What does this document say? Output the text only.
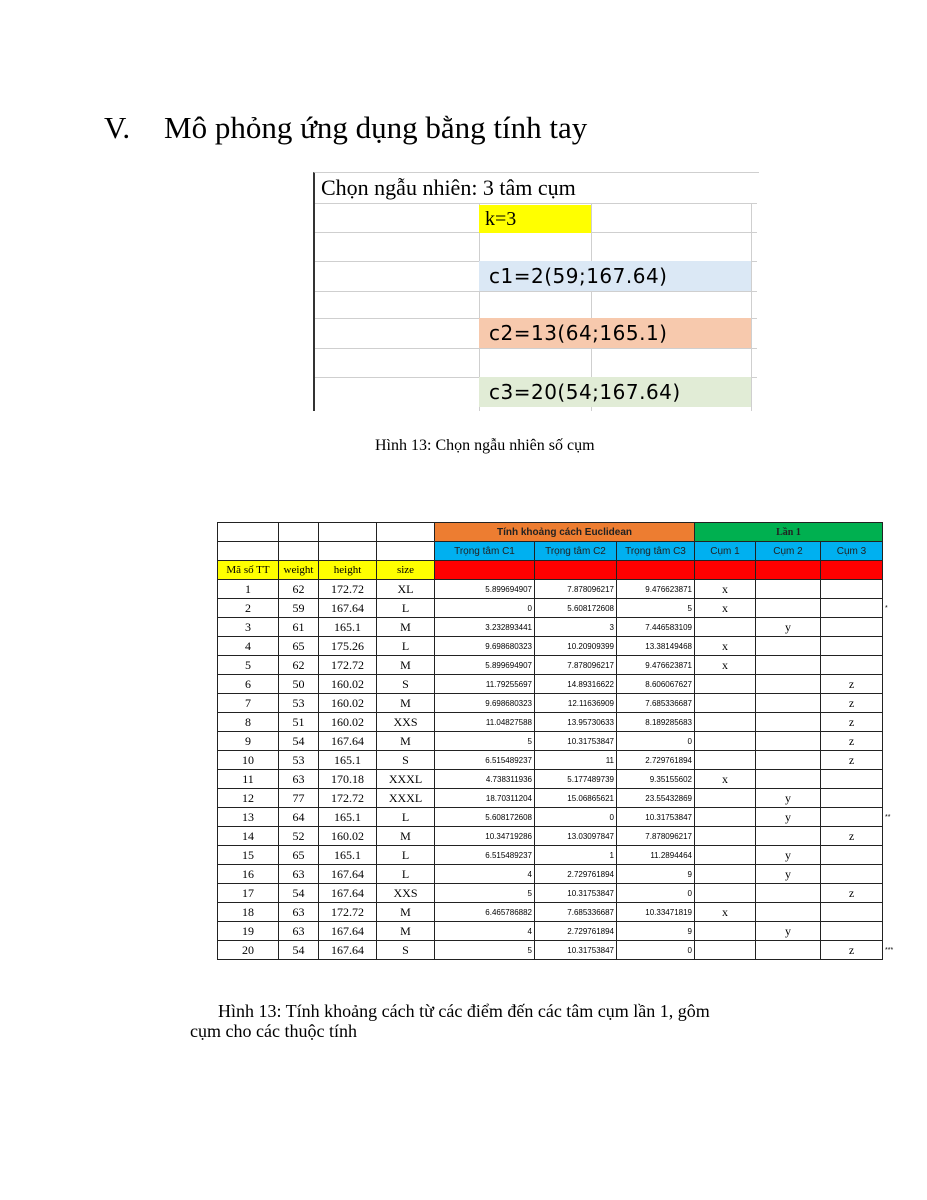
V. Mô phỏng ứng dụng bằng tính tay
Chọn ngẫu nhiên: 3 tâm cụm
k=3
c1=2(59;167.64)
c2=13(64;165.1)
c3=20(54;167.64)
Hình 13: Chọn ngẫu nhiên số cụm
				Tính khoảng cách Euclidean			Lần 1			
				Trọng tâm C1	Trọng tâm C2	Trọng tâm C3	Cụm 1	Cụm 2	Cụm 3	
Mã số TT	weight	height	size							
1	62	172.72	XL	5.899694907	7.878096217	9.476623871	x			
2	59	167.64	L	0	5.608172608	5	x			*
3	61	165.1	M	3.232893441	3	7.446583109		y		
4	65	175.26	L	9.698680323	10.20909399	13.38149468	x			
5	62	172.72	M	5.899694907	7.878096217	9.476623871	x			
6	50	160.02	S	11.79255697	14.89316622	8.606067627			z	
7	53	160.02	M	9.698680323	12.11636909	7.685336687			z	
8	51	160.02	XXS	11.04827588	13.95730633	8.189285683			z	
9	54	167.64	M	5	10.31753847	0			z	
10	53	165.1	S	6.515489237	11	2.729761894			z	
11	63	170.18	XXXL	4.738311936	5.177489739	9.35155602	x			
12	77	172.72	XXXL	18.70311204	15.06865621	23.55432869		y		
13	64	165.1	L	5.608172608	0	10.31753847		y		**
14	52	160.02	M	10.34719286	13.03097847	7.878096217			z	
15	65	165.1	L	6.515489237	1	11.2894464		y		
16	63	167.64	L	4	2.729761894	9		y		
17	54	167.64	XXS	5	10.31753847	0			z	
18	63	172.72	M	6.465786882	7.685336687	10.33471819	x			
19	63	167.64	M	4	2.729761894	9		y		
20	54	167.64	S	5	10.31753847	0			z	***
Hình 13: Tính khoảng cách từ các điểm đến các tâm cụm lần 1, gôm
cụm cho các thuộc tính
